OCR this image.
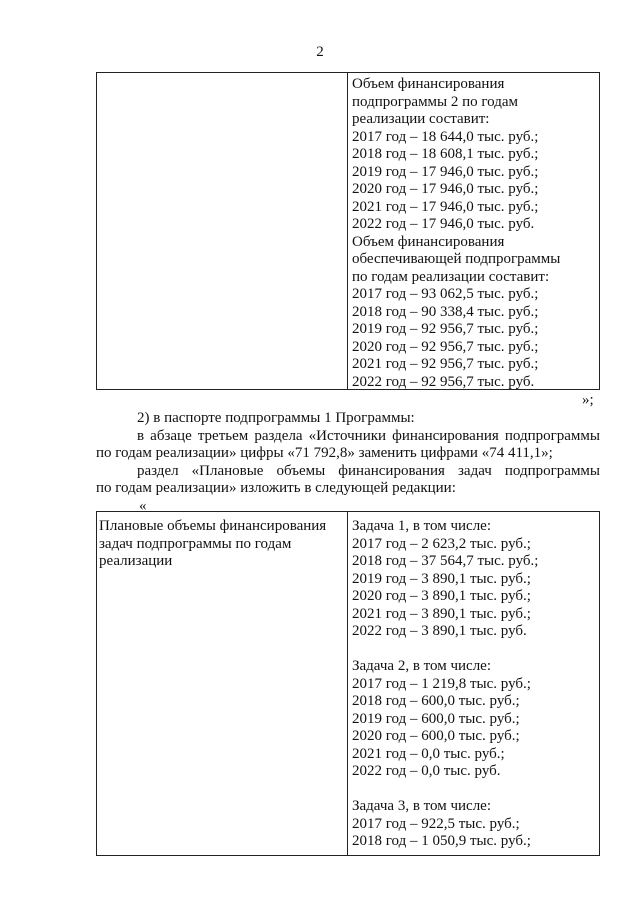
2
Объем финансирования
подпрограммы 2 по годам
реализации составит:
2017 год – 18 644,0 тыс. руб.;
2018 год – 18 608,1 тыс. руб.;
2019 год – 17 946,0 тыс. руб.;
2020 год – 17 946,0 тыс. руб.;
2021 год – 17 946,0 тыс. руб.;
2022 год – 17 946,0 тыс. руб.
Объем финансирования
обеспечивающей подпрограммы
по годам реализации составит:
2017 год – 93 062,5 тыс. руб.;
2018 год – 90 338,4 тыс. руб.;
2019 год – 92 956,7 тыс. руб.;
2020 год – 92 956,7 тыс. руб.;
2021 год – 92 956,7 тыс. руб.;
2022 год – 92 956,7 тыс. руб.
»;
2) в паспорте подпрограммы 1 Программы:
в абзаце третьем раздела «Источники финансирования подпрограммы
по годам реализации» цифры «71 792,8» заменить цифрами «74 411,1»;
раздел «Плановые объемы финансирования задач подпрограммы
по годам реализации» изложить в следующей редакции:
«
Плановые объемы финансирования
задач подпрограммы по годам
реализации
Задача 1, в том числе:
2017 год – 2 623,2 тыс. руб.;
2018 год – 37 564,7 тыс. руб.;
2019 год – 3 890,1 тыс. руб.;
2020 год – 3 890,1 тыс. руб.;
2021 год – 3 890,1 тыс. руб.;
2022 год – 3 890,1 тыс. руб.
Задача 2, в том числе:
2017 год – 1 219,8 тыс. руб.;
2018 год – 600,0 тыс. руб.;
2019 год – 600,0 тыс. руб.;
2020 год – 600,0 тыс. руб.;
2021 год – 0,0 тыс. руб.;
2022 год – 0,0 тыс. руб.
Задача 3, в том числе:
2017 год – 922,5 тыс. руб.;
2018 год – 1 050,9 тыс. руб.;
